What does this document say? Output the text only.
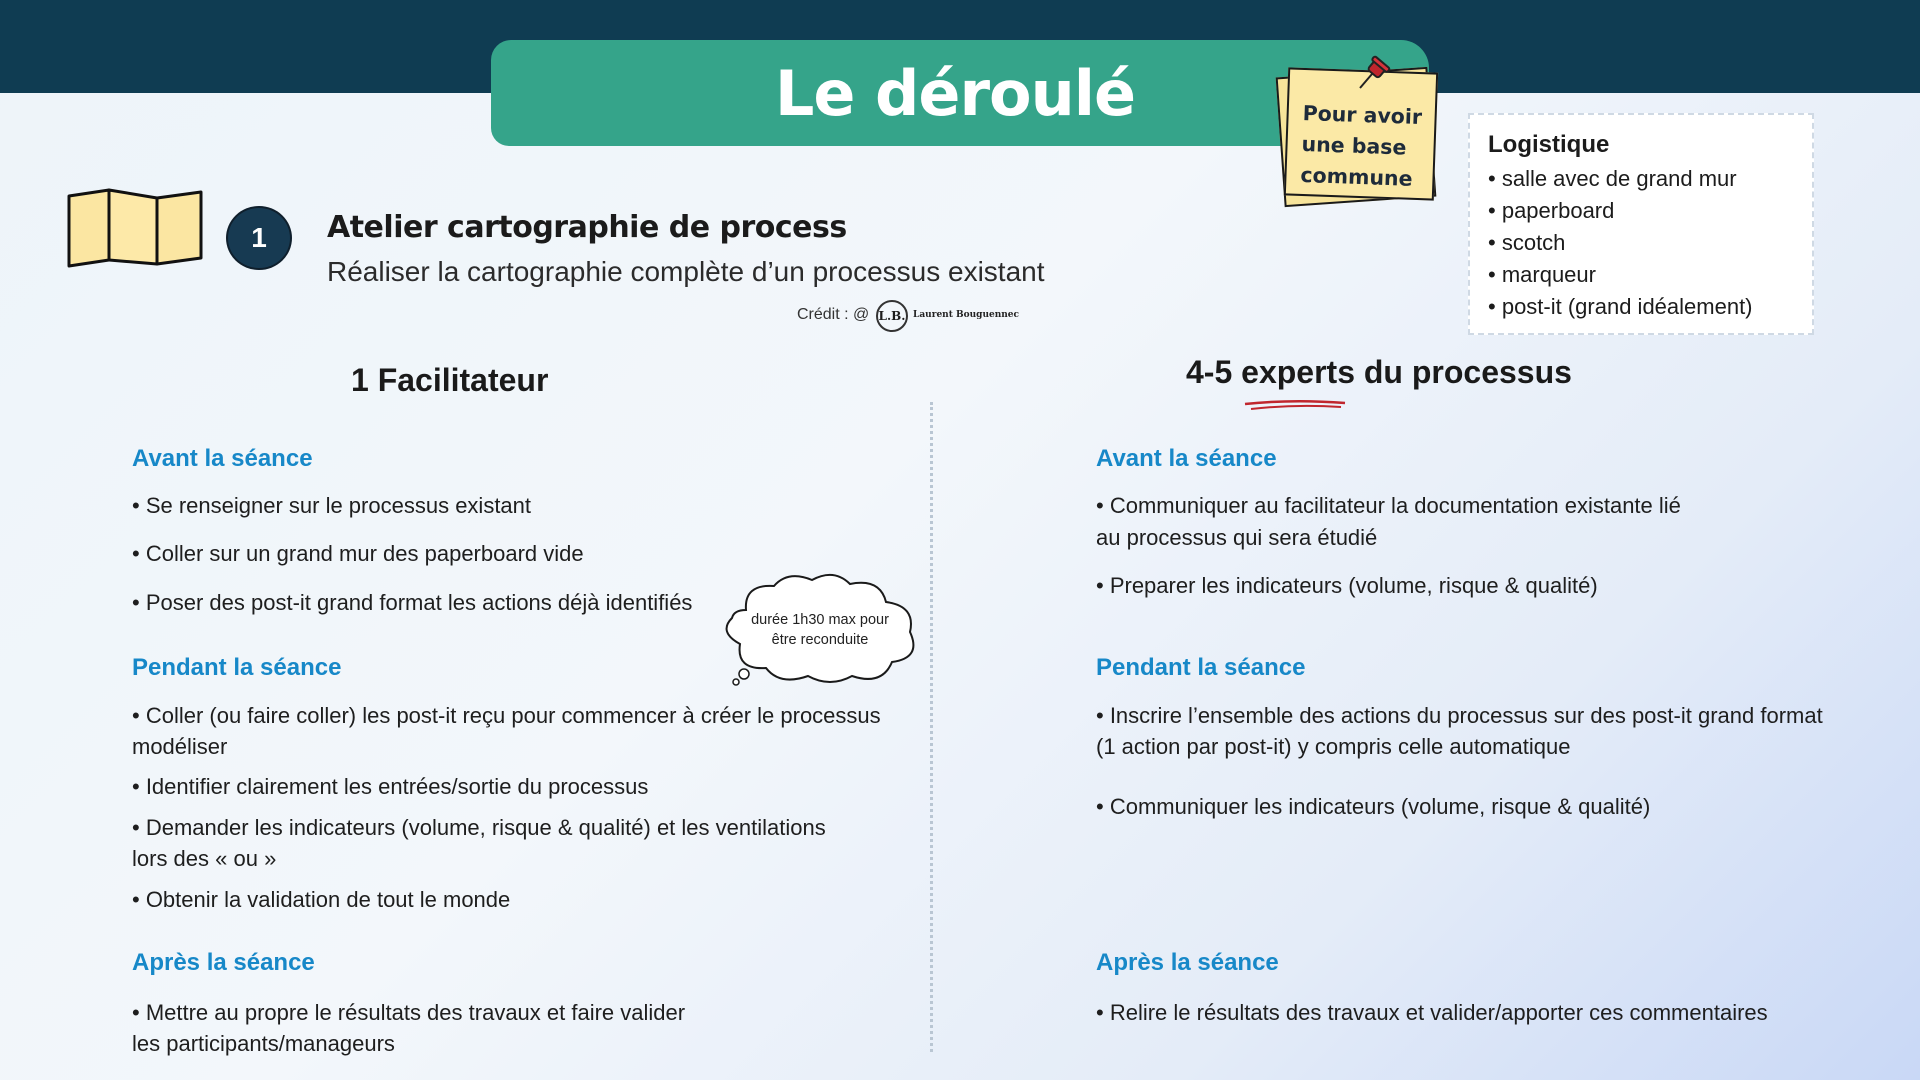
Le déroulé	Pour avoir
une base
commune
Logistique
• salle avec de grand mur
• paperboard
• scotch
• marqueur
• post-it (grand idéalement)
1	Atelier cartographie de process
Réaliser la cartographie complète d’un processus existant
Crédit : @ L.B. Laurent Bouguennec
1 Facilitateur	4-5 experts du processus
Avant la séance
• Se renseigner sur le processus existant
• Coller sur un grand mur des paperboard vide
• Poser des post-it grand format les actions déjà identifiés
Pendant la séance
• Coller (ou faire coller) les post-it reçu pour commencer à créer le processus
modéliser
• Identifier clairement les entrées/sortie du processus
• Demander les indicateurs (volume, risque & qualité) et les ventilations
lors des « ou »
• Obtenir la validation de tout le monde
Après la séance
• Mettre au propre le résultats des travaux et faire valider
les participants/manageurs
durée 1h30 max pour
être reconduite
Avant la séance
• Communiquer au facilitateur la documentation existante lié
au processus qui sera étudié
• Preparer les indicateurs (volume, risque & qualité)
Pendant la séance
• Inscrire l’ensemble des actions du processus sur des post-it grand format
(1 action par post-it) y compris celle automatique
• Communiquer les indicateurs (volume, risque & qualité)
Après la séance
• Relire le résultats des travaux et valider/apporter ces commentaires
